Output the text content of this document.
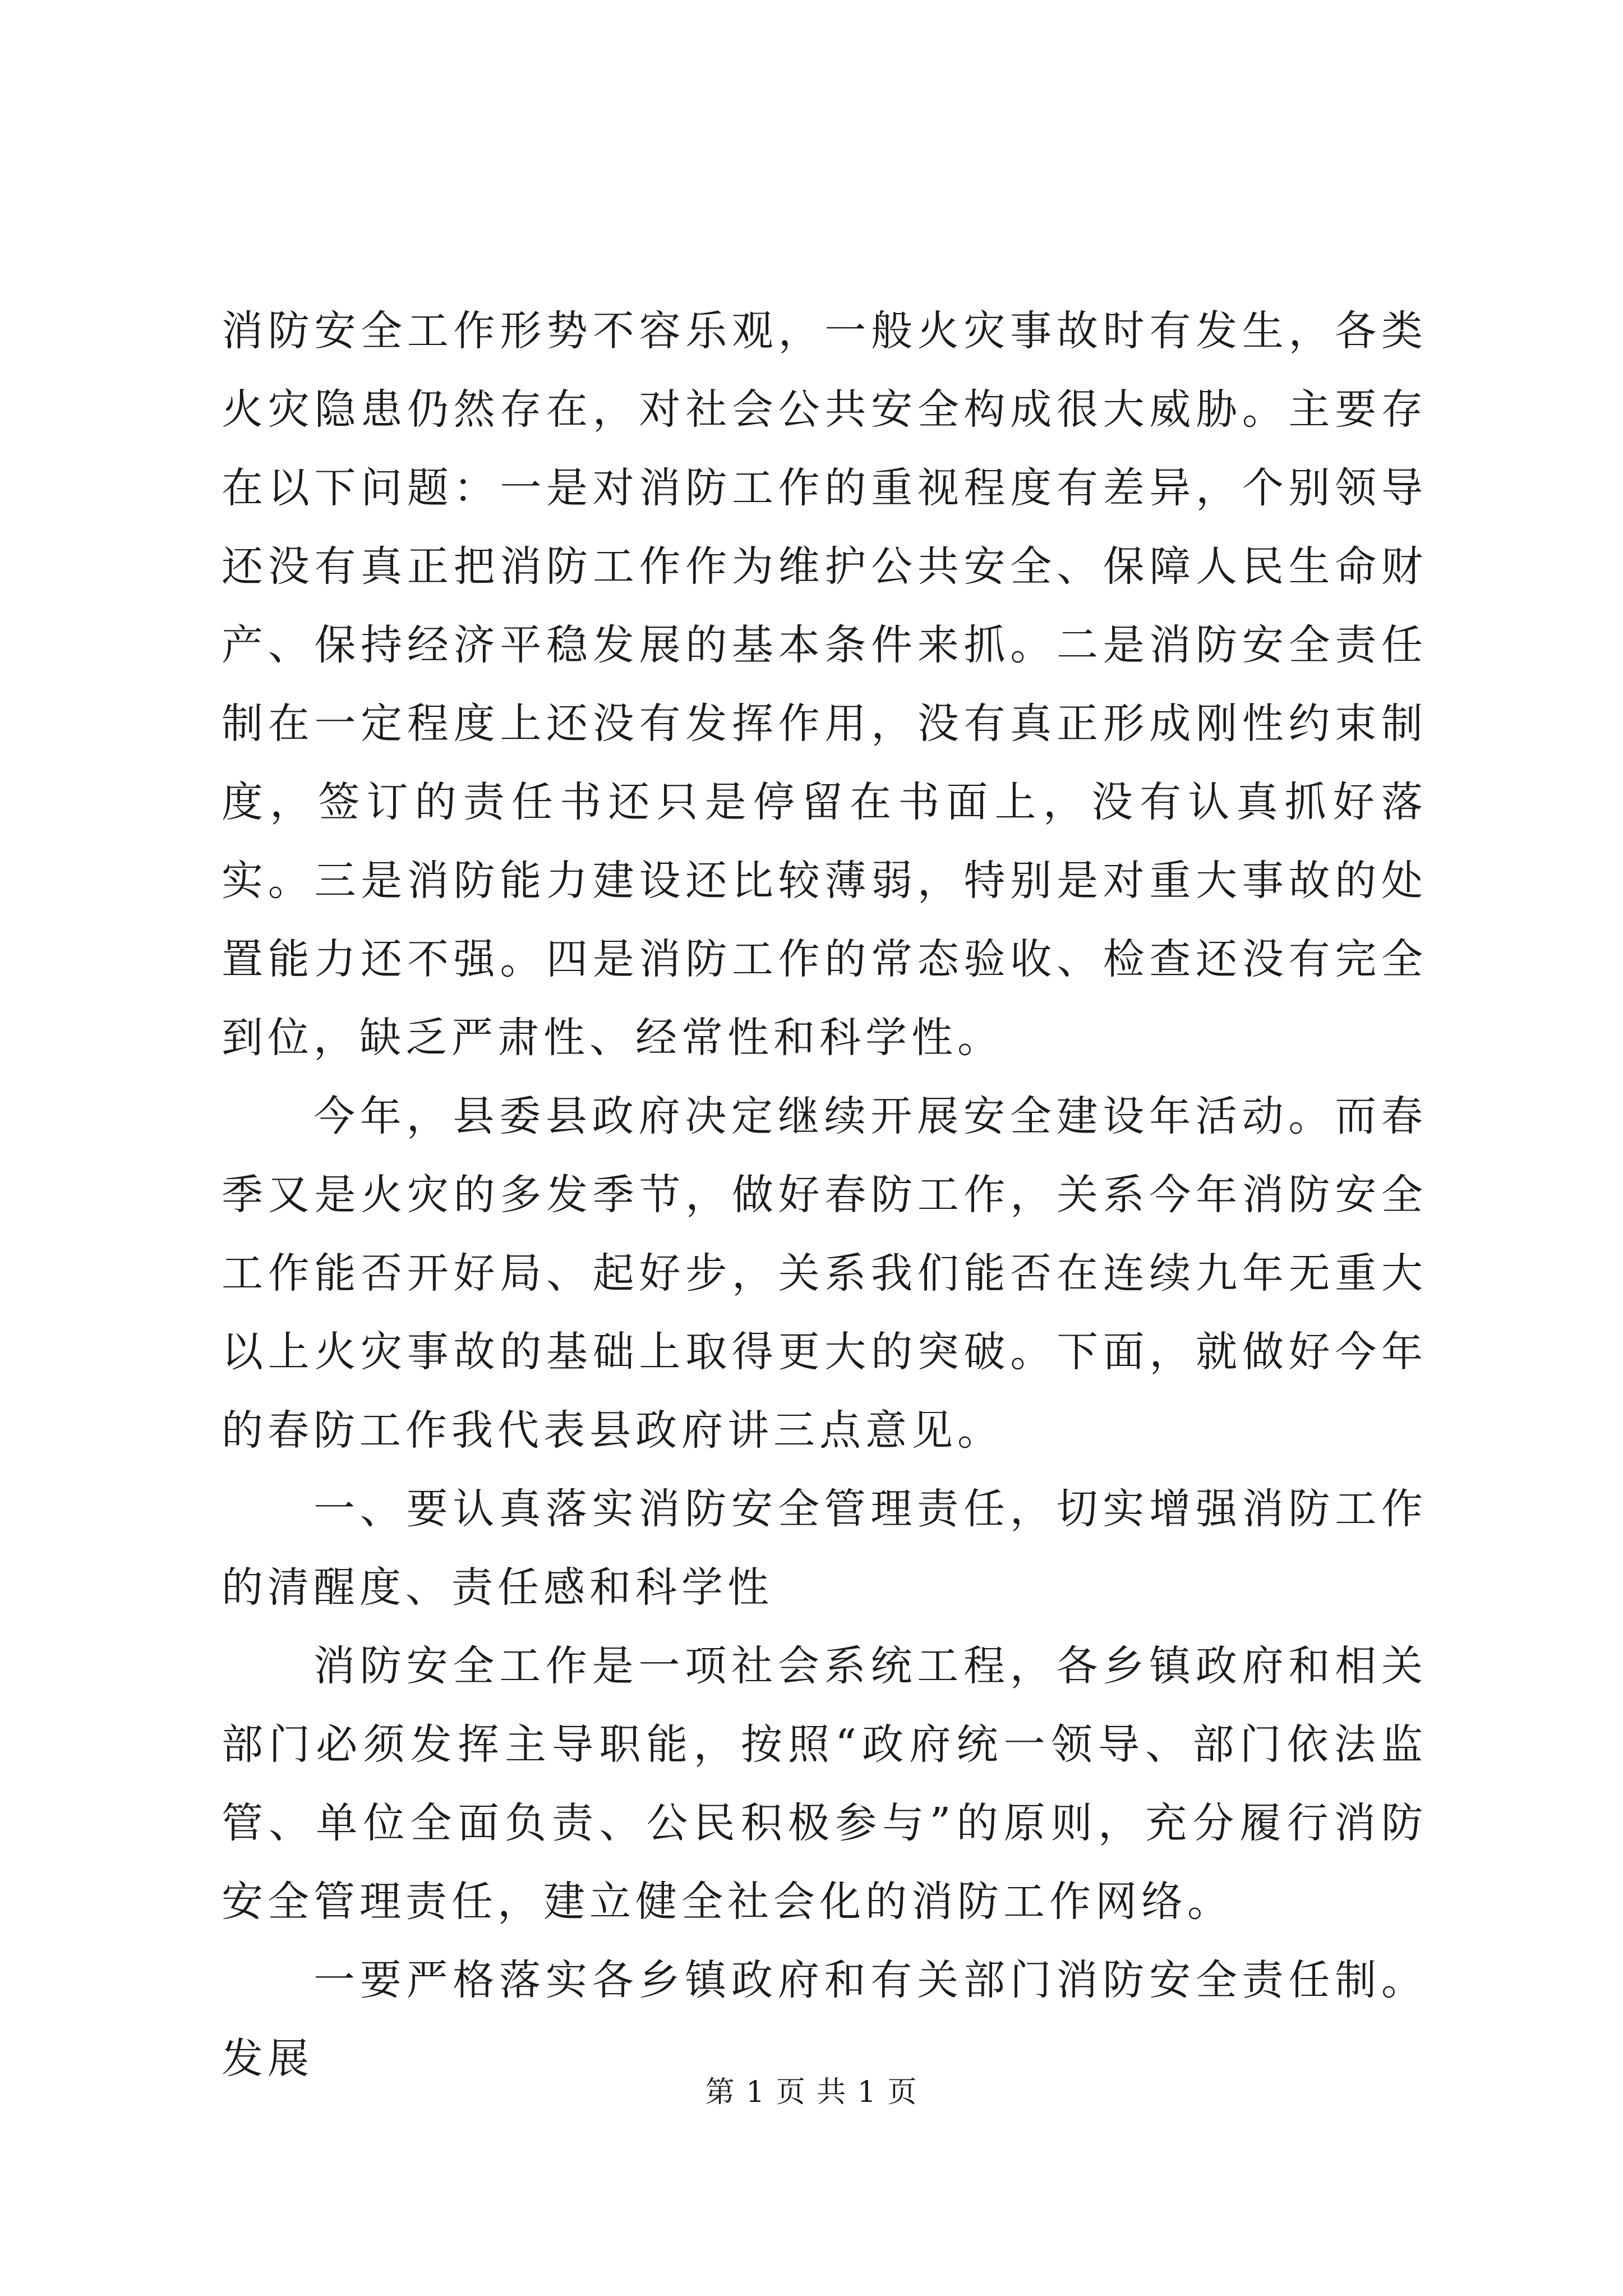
消防安全工作形势不容乐观，一般火灾事故时有发生，各类火灾隐患仍然存在，对社会公共安全构成很大威胁。主要存在以下问题：一是对消防工作的重视程度有差异，个别领导还没有真正把消防工作作为维护公共安全、保障人民生命财产、保持经济平稳发展的基本条件来抓。二是消防安全责任制在一定程度上还没有发挥作用，没有真正形成刚性约束制度，签订的责任书还只是停留在书面上，没有认真抓好落实。三是消防能力建设还比较薄弱，特别是对重大事故的处置能力还不强。四是消防工作的常态验收、检查还没有完全到位，缺乏严肃性、经常性和科学性。

今年，县委县政府决定继续开展安全建设年活动。而春季又是火灾的多发季节，做好春防工作，关系今年消防安全工作能否开好局、起好步，关系我们能否在连续九年无重大以上火灾事故的基础上取得更大的突破。下面，就做好今年的春防工作我代表县政府讲三点意见。

一、要认真落实消防安全管理责任，切实增强消防工作的清醒度、责任感和科学性

消防安全工作是一项社会系统工程，各乡镇政府和相关部门必须发挥主导职能，按照“政府统一领导、部门依法监管、单位全面负责、公民积极参与”的原则，充分履行消防安全管理责任，建立健全社会化的消防工作网络。

一要严格落实各乡镇政府和有关部门消防安全责任制。发展

第 1 页 共 1 页
